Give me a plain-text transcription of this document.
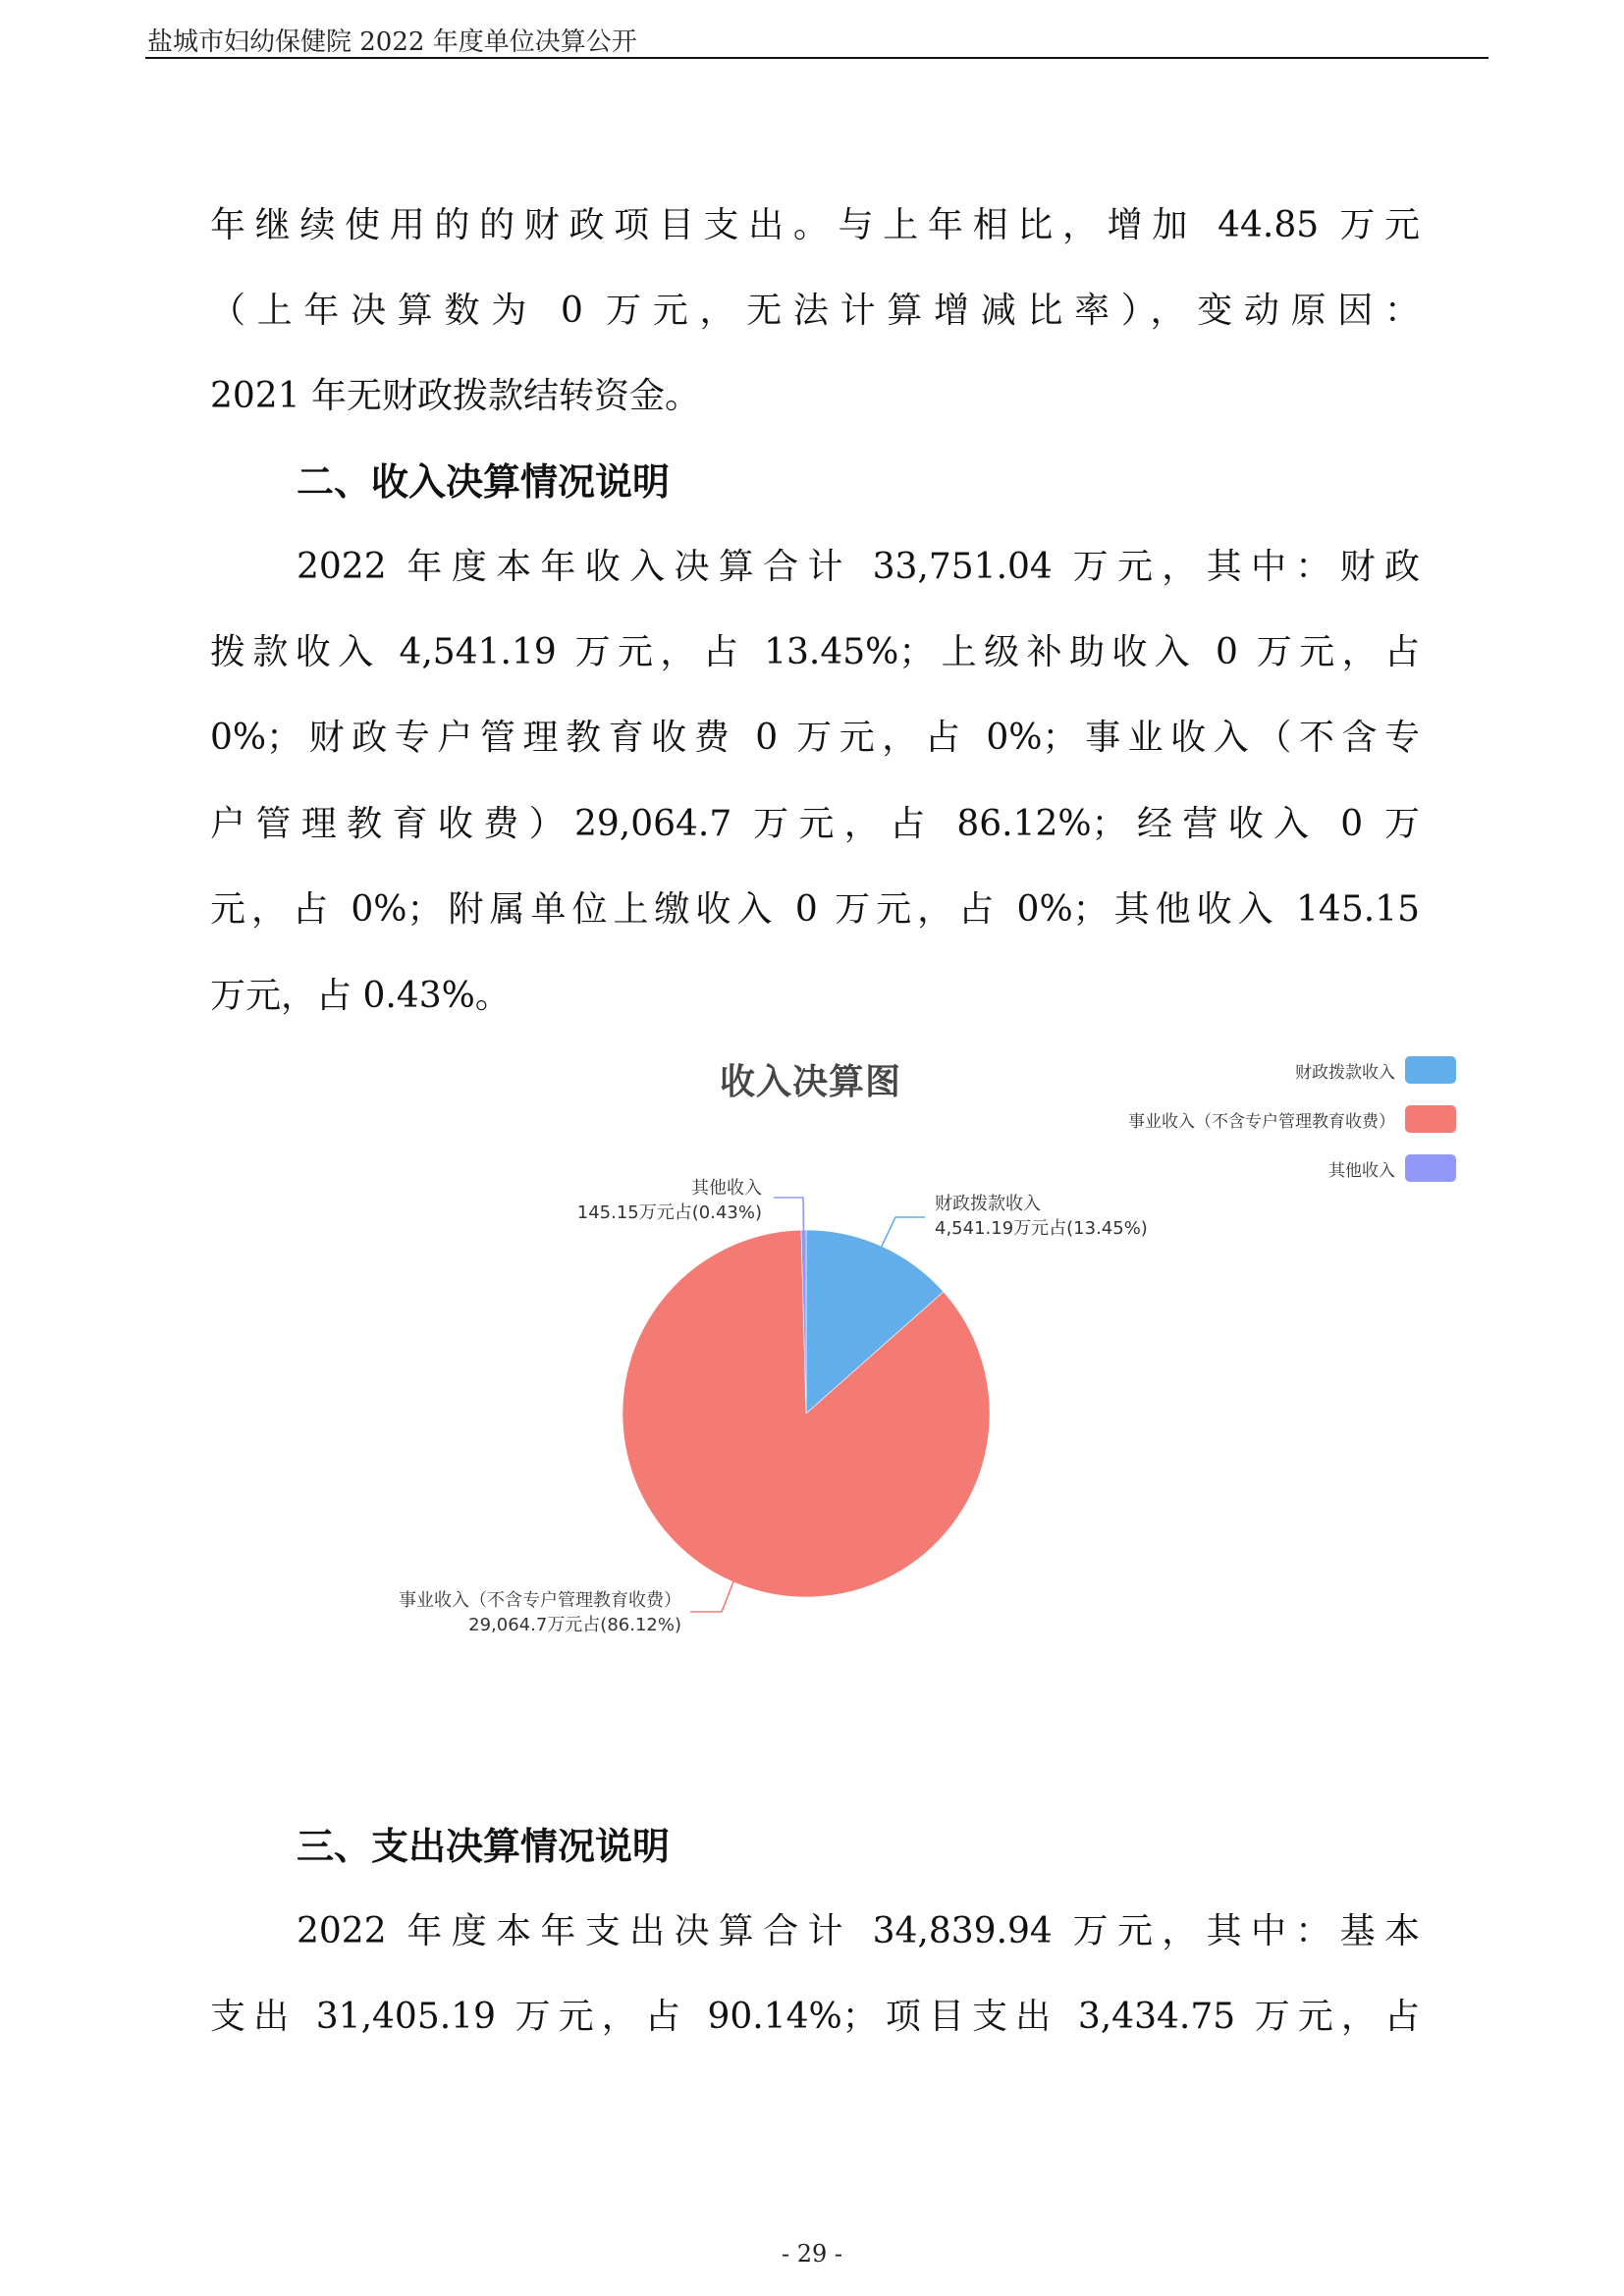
盐城市妇幼保健院 2022 年度单位决算公开
年继续使用的的财政项目支出。与上年相比，增加 44.85 万元
（上年决算数为 0 万元，无法计算增减比率），变动原因：
2021 年无财政拨款结转资金。
二、收入决算情况说明
2022 年度本年收入决算合计 33,751.04 万元，其中：财政
拨款收入 4,541.19 万元，占 13.45%；上级补助收入 0 万元，占
0%；财政专户管理教育收费 0 万元，占 0%；事业收入（不含专
户管理教育收费）29,064.7 万元，占 86.12%；经营收入 0 万
元，占 0%；附属单位上缴收入 0 万元，占 0%；其他收入 145.15
万元，占 0.43%。
收入决算图	财政拨款收入
事业收入（不含专户管理教育收费）
其他收入
其他收入
145.15万元占(0.43%)	财政拨款收入
4,541.19万元占(13.45%)
事业收入（不含专户管理教育收费）
29,064.7万元占(86.12%)
三、支出决算情况说明
2022 年度本年支出决算合计 34,839.94 万元，其中：基本
支出 31,405.19 万元，占 90.14%；项目支出 3,434.75 万元，占
- 29 -
